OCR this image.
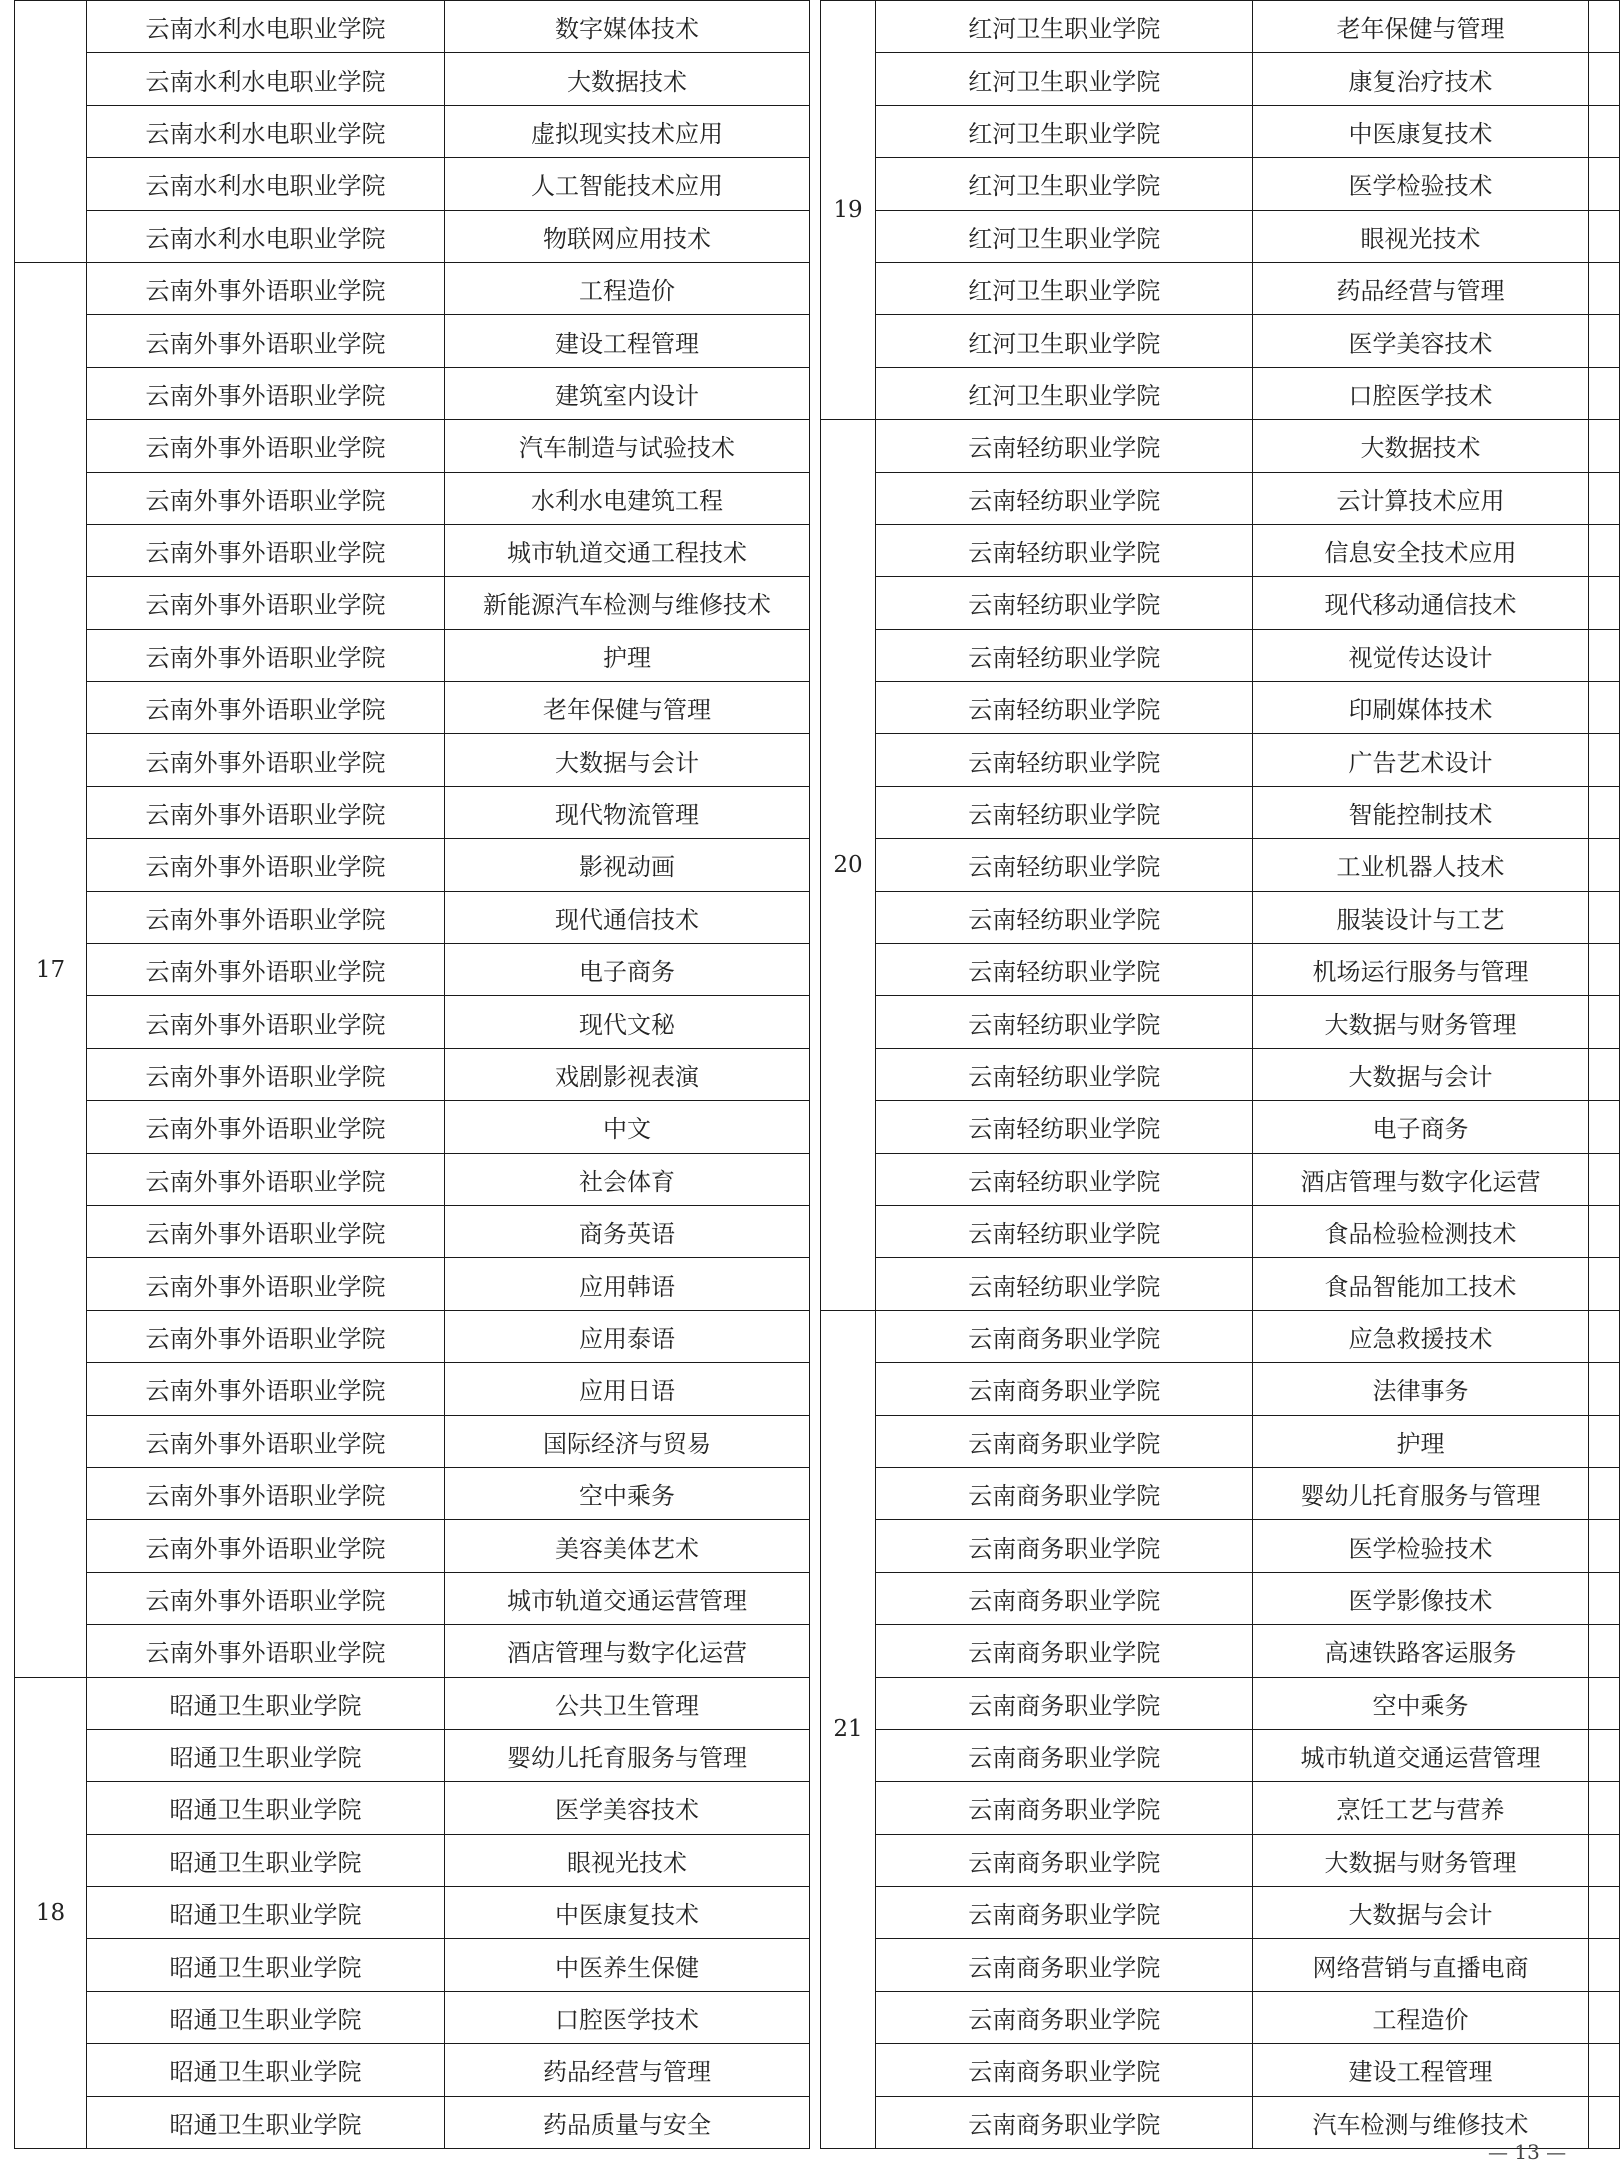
	云南水利水电职业学院	数字媒体技术
	云南水利水电职业学院	大数据技术
	云南水利水电职业学院	虚拟现实技术应用
	云南水利水电职业学院	人工智能技术应用
	云南水利水电职业学院	物联网应用技术
17	云南外事外语职业学院	工程造价
	云南外事外语职业学院	建设工程管理
	云南外事外语职业学院	建筑室内设计
	云南外事外语职业学院	汽车制造与试验技术
	云南外事外语职业学院	水利水电建筑工程
	云南外事外语职业学院	城市轨道交通工程技术
	云南外事外语职业学院	新能源汽车检测与维修技术
	云南外事外语职业学院	护理
	云南外事外语职业学院	老年保健与管理
	云南外事外语职业学院	大数据与会计
	云南外事外语职业学院	现代物流管理
	云南外事外语职业学院	影视动画
	云南外事外语职业学院	现代通信技术
	云南外事外语职业学院	电子商务
	云南外事外语职业学院	现代文秘
	云南外事外语职业学院	戏剧影视表演
	云南外事外语职业学院	中文
	云南外事外语职业学院	社会体育
	云南外事外语职业学院	商务英语
	云南外事外语职业学院	应用韩语
	云南外事外语职业学院	应用泰语
	云南外事外语职业学院	应用日语
	云南外事外语职业学院	国际经济与贸易
	云南外事外语职业学院	空中乘务
	云南外事外语职业学院	美容美体艺术
	云南外事外语职业学院	城市轨道交通运营管理
	云南外事外语职业学院	酒店管理与数字化运营
18	昭通卫生职业学院	公共卫生管理
	昭通卫生职业学院	婴幼儿托育服务与管理
	昭通卫生职业学院	医学美容技术
	昭通卫生职业学院	眼视光技术
	昭通卫生职业学院	中医康复技术
	昭通卫生职业学院	中医养生保健
	昭通卫生职业学院	口腔医学技术
	昭通卫生职业学院	药品经营与管理
	昭通卫生职业学院	药品质量与安全
19	红河卫生职业学院	老年保健与管理	
	红河卫生职业学院	康复治疗技术	
	红河卫生职业学院	中医康复技术	
	红河卫生职业学院	医学检验技术	
	红河卫生职业学院	眼视光技术	
	红河卫生职业学院	药品经营与管理	
	红河卫生职业学院	医学美容技术	
	红河卫生职业学院	口腔医学技术	
20	云南轻纺职业学院	大数据技术	
	云南轻纺职业学院	云计算技术应用	
	云南轻纺职业学院	信息安全技术应用	
	云南轻纺职业学院	现代移动通信技术	
	云南轻纺职业学院	视觉传达设计	
	云南轻纺职业学院	印刷媒体技术	
	云南轻纺职业学院	广告艺术设计	
	云南轻纺职业学院	智能控制技术	
	云南轻纺职业学院	工业机器人技术	
	云南轻纺职业学院	服装设计与工艺	
	云南轻纺职业学院	机场运行服务与管理	
	云南轻纺职业学院	大数据与财务管理	
	云南轻纺职业学院	大数据与会计	
	云南轻纺职业学院	电子商务	
	云南轻纺职业学院	酒店管理与数字化运营	
	云南轻纺职业学院	食品检验检测技术	
	云南轻纺职业学院	食品智能加工技术	
21	云南商务职业学院	应急救援技术	
	云南商务职业学院	法律事务	
	云南商务职业学院	护理	
	云南商务职业学院	婴幼儿托育服务与管理	
	云南商务职业学院	医学检验技术	
	云南商务职业学院	医学影像技术	
	云南商务职业学院	高速铁路客运服务	
	云南商务职业学院	空中乘务	
	云南商务职业学院	城市轨道交通运营管理	
	云南商务职业学院	烹饪工艺与营养	
	云南商务职业学院	大数据与财务管理	
	云南商务职业学院	大数据与会计	
	云南商务职业学院	网络营销与直播电商	
	云南商务职业学院	工程造价	
	云南商务职业学院	建设工程管理	
	云南商务职业学院	汽车检测与维修技术	
— 13 —
